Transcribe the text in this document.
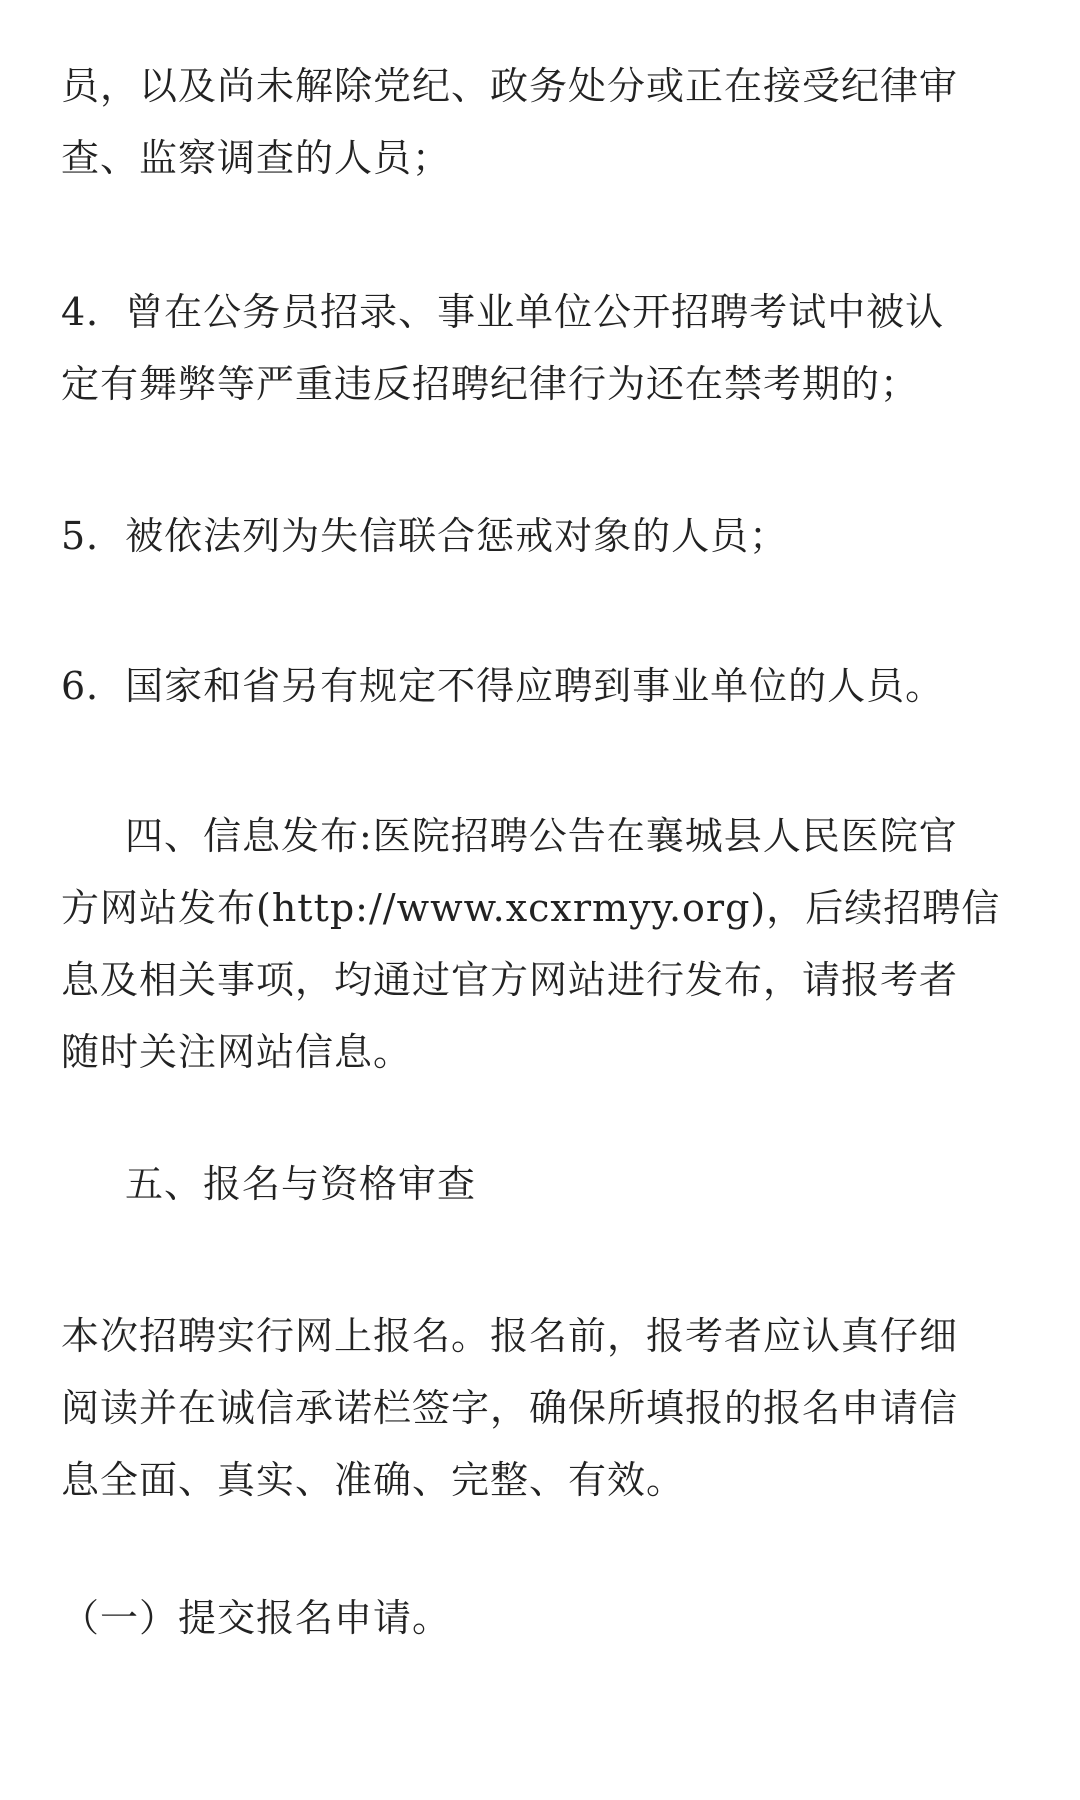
员，以及尚未解除党纪、政务处分或正在接受纪律审
查、监察调查的人员；
4．曾在公务员招录、事业单位公开招聘考试中被认
定有舞弊等严重违反招聘纪律行为还在禁考期的；
5．被依法列为失信联合惩戒对象的人员；
6．国家和省另有规定不得应聘到事业单位的人员。
四、信息发布:医院招聘公告在襄城县人民医院官
方网站发布(http://www.xcxrmyy.org)，后续招聘信
息及相关事项，均通过官方网站进行发布，请报考者
随时关注网站信息。
五、报名与资格审查
本次招聘实行网上报名。报名前，报考者应认真仔细
阅读并在诚信承诺栏签字，确保所填报的报名申请信
息全面、真实、准确、完整、有效。
（一）提交报名申请。
